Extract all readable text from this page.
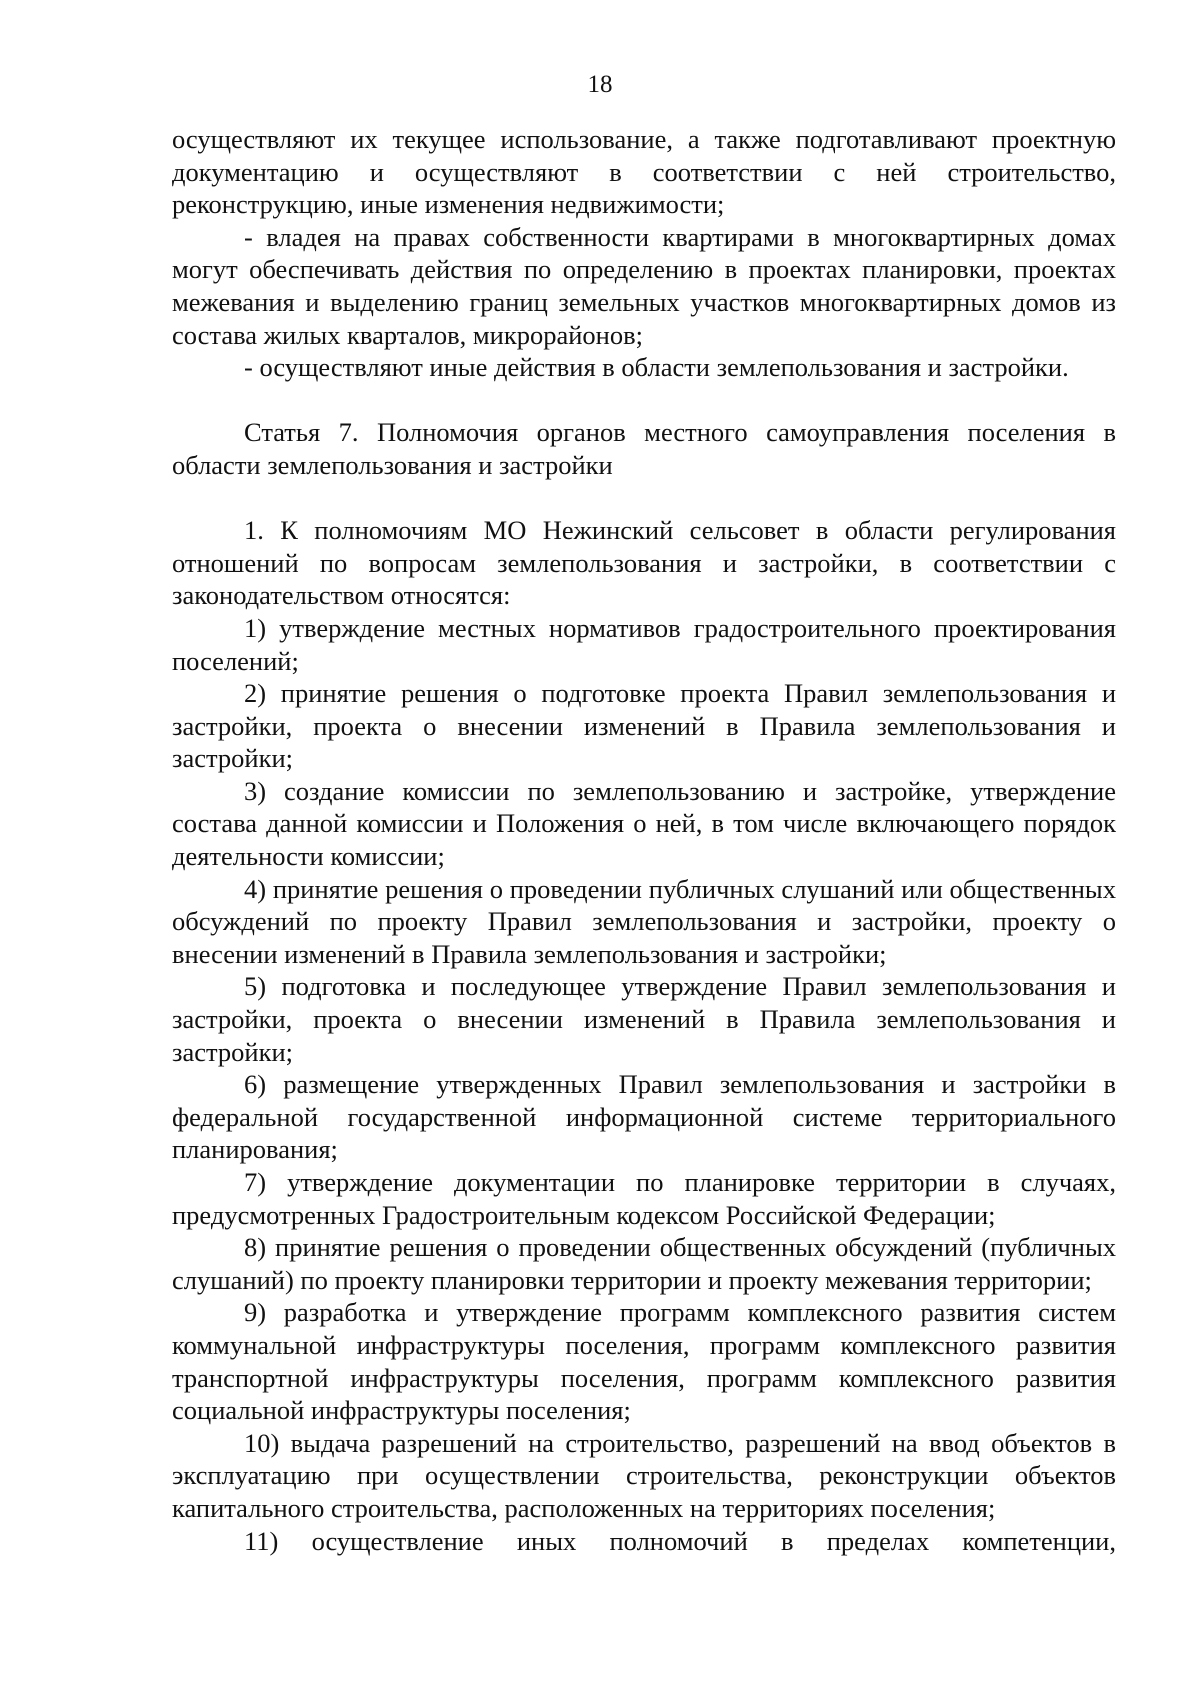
18

осуществляют их текущее использование, а также подготавливают проектную документацию и осуществляют в соответствии с ней строительство, реконструкцию, иные изменения недвижимости;

- владея на правах собственности квартирами в многоквартирных домах могут обеспечивать действия по определению в проектах планировки, проектах межевания и выделению границ земельных участков многоквартирных домов из состава жилых кварталов, микрорайонов;

- осуществляют иные действия в области землепользования и застройки.

Статья 7. Полномочия органов местного самоуправления поселения в области землепользования и застройки

1. К полномочиям МО Нежинский сельсовет в области регулирования отношений по вопросам землепользования и застройки, в соответствии с законодательством относятся:

1) утверждение местных нормативов градостроительного проектирования поселений;

2) принятие решения о подготовке проекта Правил землепользования и застройки, проекта о внесении изменений в Правила землепользования и застройки;

3) создание комиссии по землепользованию и застройке, утверждение состава данной комиссии и Положения о ней, в том числе включающего порядок деятельности комиссии;

4) принятие решения о проведении публичных слушаний или общественных обсуждений по проекту Правил землепользования и застройки, проекту о внесении изменений в Правила землепользования и застройки;

5) подготовка и последующее утверждение Правил землепользования и застройки, проекта о внесении изменений в Правила землепользования и застройки;

6) размещение утвержденных Правил землепользования и застройки в федеральной государственной информационной системе территориального планирования;

7) утверждение документации по планировке территории в случаях, предусмотренных Градостроительным кодексом Российской Федерации;

8) принятие решения о проведении общественных обсуждений (публичных слушаний) по проекту планировки территории и проекту межевания территории;

9) разработка и утверждение программ комплексного развития систем коммунальной инфраструктуры поселения, программ комплексного развития транспортной инфраструктуры поселения, программ комплексного развития социальной инфраструктуры поселения;

10) выдача разрешений на строительство, разрешений на ввод объектов в эксплуатацию при осуществлении строительства, реконструкции объектов капитального строительства, расположенных на территориях поселения;

11) осуществление иных полномочий в пределах компетенции,
